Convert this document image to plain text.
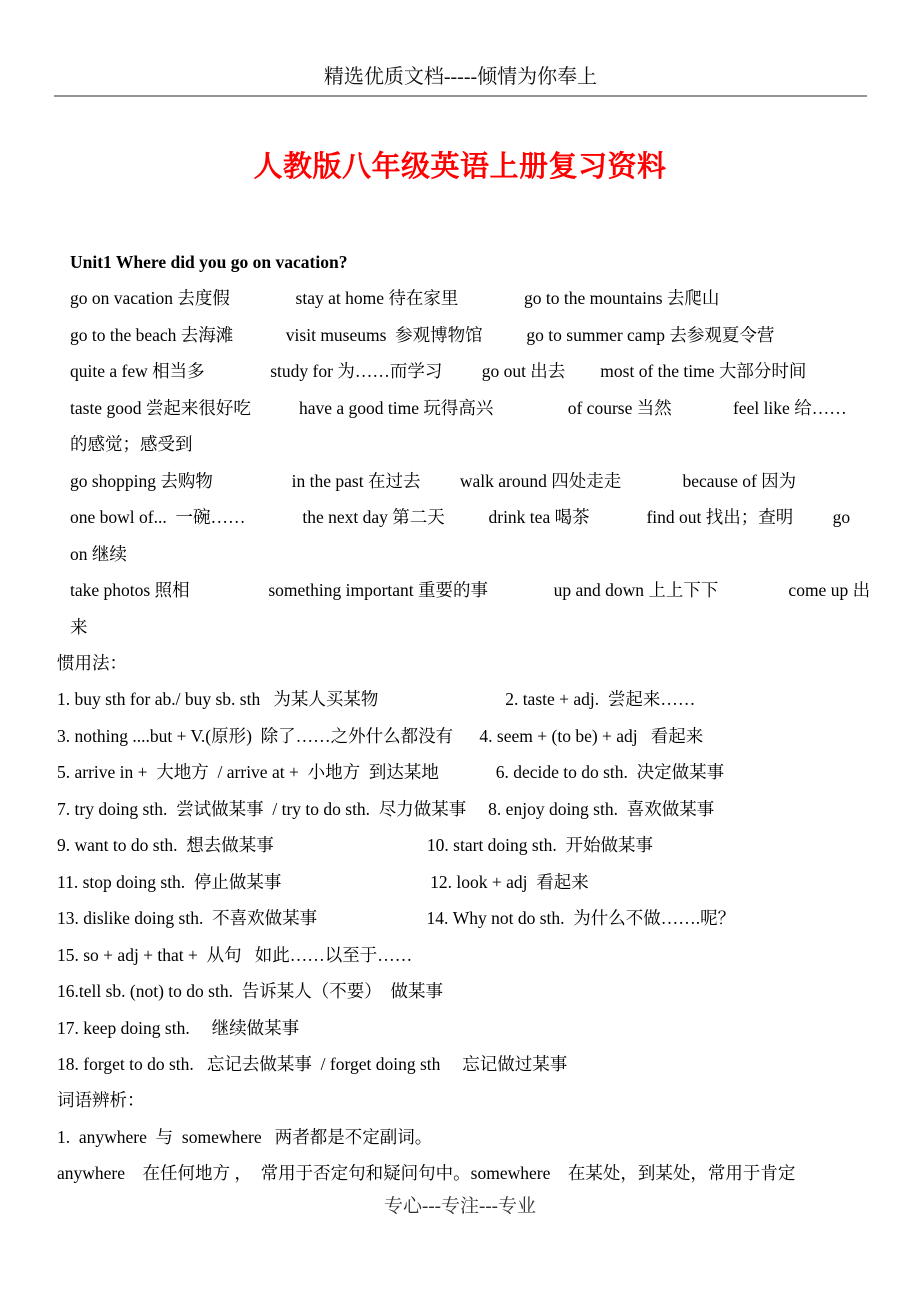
精选优质文档-----倾情为你奉上
人教版八年级英语上册复习资料
Unit1 Where did you go on vacation?
go on vacation 去度假               stay at home 待在家里               go to the mountains 去爬山
go to the beach 去海滩            visit museums  参观博物馆          go to summer camp 去参观夏令营
quite a few 相当多               study for 为……而学习         go out 出去        most of the time 大部分时间
taste good 尝起来很好吃           have a good time 玩得高兴                 of course 当然              feel like 给……
的感觉；感受到
go shopping 去购物                  in the past 在过去         walk around 四处走走              because of 因为
one bowl of...  一碗……             the next day 第二天          drink tea 喝茶             find out 找出；查明         go
on 继续
take photos 照相                  something important 重要的事               up and down 上上下下                come up 出
来
惯用法：
1. buy sth for ab./ buy sb. sth   为某人买某物                             2. taste + adj.  尝起来……
3. nothing ....but + V.(原形)  除了……之外什么都没有      4. seem + (to be) + adj   看起来
5. arrive in +  大地方  / arrive at +  小地方  到达某地             6. decide to do sth.  决定做某事
7. try doing sth.  尝试做某事  / try to do sth.  尽力做某事     8. enjoy doing sth.  喜欢做某事
9. want to do sth.  想去做某事                                   10. start doing sth.  开始做某事
11. stop doing sth.  停止做某事                                  12. look + adj  看起来
13. dislike doing sth.  不喜欢做某事                         14. Why not do sth.  为什么不做…….呢？
15. so + adj + that +  从句   如此……以至于……
16.tell sb. (not) to do sth.  告诉某人（不要）  做某事
17. keep doing sth.     继续做某事
18. forget to do sth.   忘记去做某事  / forget doing sth     忘记做过某事
词语辨析：
1.  anywhere  与  somewhere   两者都是不定副词。
anywhere    在任何地方 ，  常用于否定句和疑问句中。somewhere    在某处，到某处，常用于肯定
专心---专注---专业
